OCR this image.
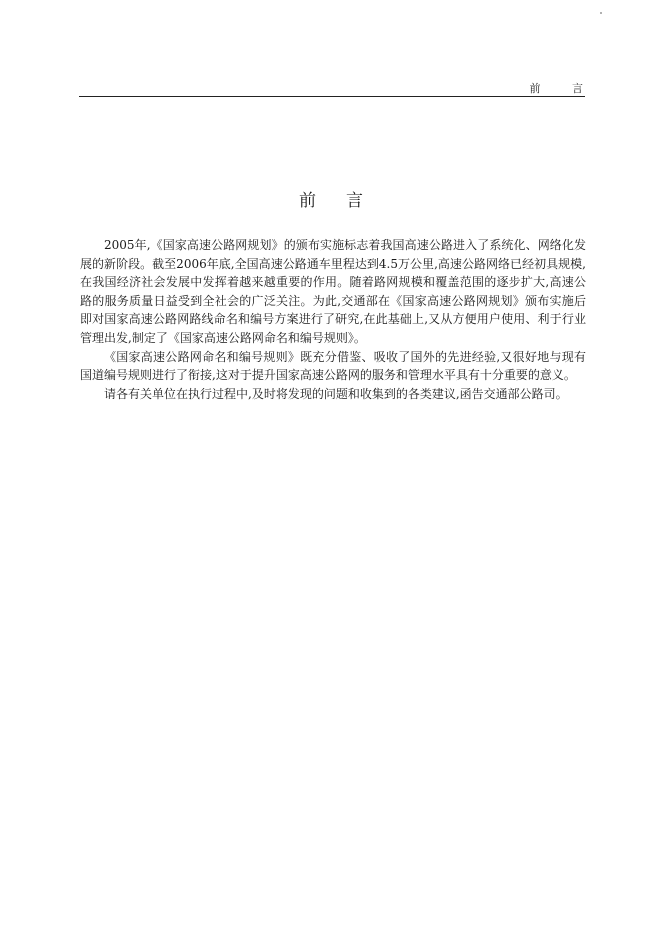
前 言
前言

2005年,《国家高速公路网规划》的颁布实施标志着我国高速公路进入了系统化、网络化发展的新阶段。截至2006年底,全国高速公路通车里程达到4.5万公里,高速公路网络已经初具规模,在我国经济社会发展中发挥着越来越重要的作用。随着路网规模和覆盖范围的逐步扩大,高速公路的服务质量日益受到全社会的广泛关注。为此,交通部在《国家高速公路网规划》颁布实施后即对国家高速公路网路线命名和编号方案进行了研究,在此基础上,又从方便用户使用、利于行业管理出发,制定了《国家高速公路网命名和编号规则》。

《国家高速公路网命名和编号规则》既充分借鉴、吸收了国外的先进经验,又很好地与现有国道编号规则进行了衔接,这对于提升国家高速公路网的服务和管理水平具有十分重要的意义。

请各有关单位在执行过程中,及时将发现的问题和收集到的各类建议,函告交通部公路司。
